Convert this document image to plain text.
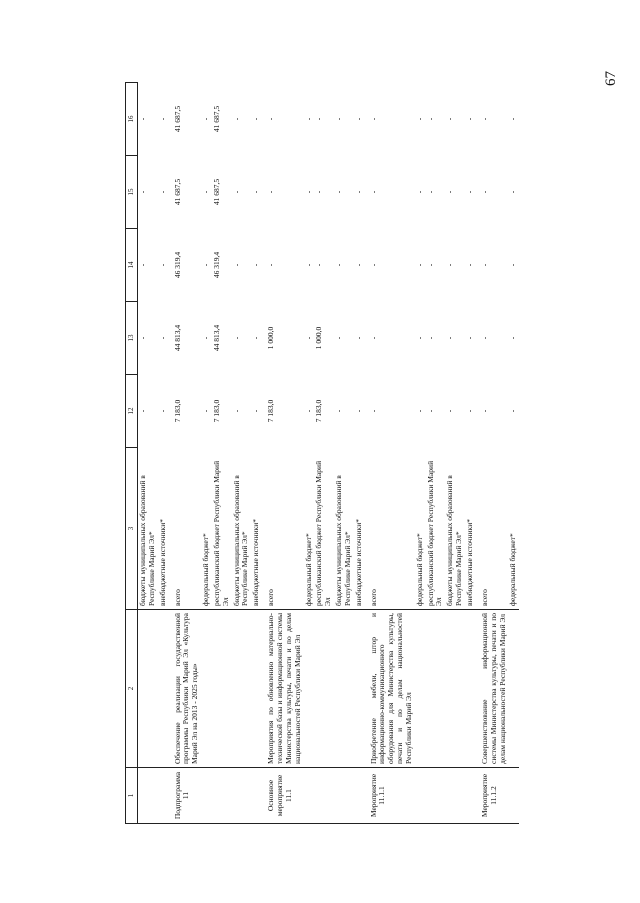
67
1	2	3	12	13	14	15	16
		бюджеты муниципальных образований в Республике Марий Эл*	-	-	-	-	-
		внебюджетные источники*	-	-	-	-	-
Подпрограмма 11	Обеспечение реализации государственной программы Республики Марий Эл «Культура Марий Эл на 2013 - 2025 годы»	всего	7 183,0	44 813,4	46 319,4	41 687,5	41 687,5
		федеральный бюджет*	-	-	-	-	-
		республиканский бюджет Республики Марий Эл	7 183,0	44 813,4	46 319,4	41 687,5	41 687,5
		бюджеты муниципальных образований в Республике Марий Эл*	-	-	-	-	-
		внебюджетные источники*	-	-	-	-	-
Основное мероприятие 11.1	Мероприятия по обновлению материально-технической базы и информационной системы Министерства культуры, печати и по делам национальностей Республики Марий Эл	всего	7 183,0	1 000,0	-	-	-
		федеральный бюджет*	-	-	-	-	-
		республиканский бюджет Республики Марий Эл	7 183,0	1 000,0	-	-	-
		бюджеты муниципальных образований в Республике Марий Эл*	-	-	-	-	-
		внебюджетные источники*	-	-	-	-	-
Мероприятие 11.1.1	Приобретение мебели, штор и информационно-коммуникационного оборудования для Министерства культуры, печати и по делам национальностей Республики Марий Эл	всего	-	-	-	-	-
		федеральный бюджет*	-	-	-	-	-
		республиканский бюджет Республики Марий Эл	-	-	-	-	-
		бюджеты муниципальных образований в Республике Марий Эл*	-	-	-	-	-
		внебюджетные источники*	-	-	-	-	-
Мероприятие 11.1.2	Совершенствование информационной системы Министерства культуры, печати и по делам национальностей Республики Марий Эл	всего	-	-	-	-	-
		федеральный бюджет*	-	-	-	-	-
